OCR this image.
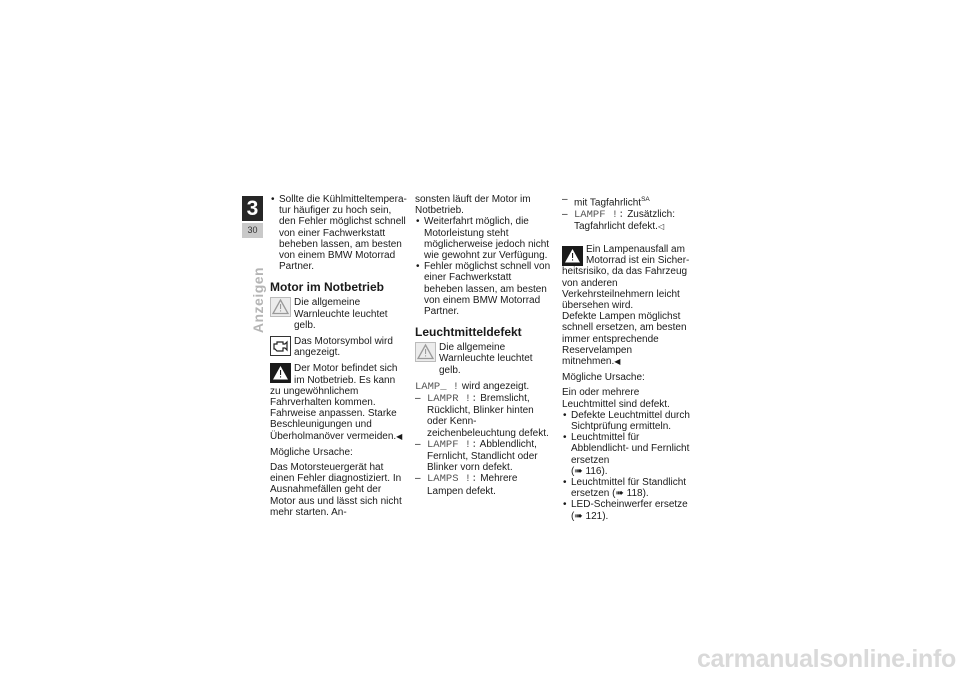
3
30
Anzeigen

• Sollte die Kühlmitteltemperatur häufiger zu hoch sein, den Fehler möglichst schnell von einer Fachwerkstatt beheben lassen, am besten von einem BMW Motorrad Partner.

Motor im Notbetrieb
Die allgemeine Warnleuchte leuchtet gelb.
Das Motorsymbol wird angezeigt.
Der Motor befindet sich im Notbetrieb. Es kann zu ungewöhnlichem Fahrverhalten kommen.
Fahrweise anpassen. Starke Beschleunigungen und Überholmanöver vermeiden.◀

Mögliche Ursache:

Das Motorsteuergerät hat einen Fehler diagnostiziert. In Ausnahmefällen geht der Motor aus und lässt sich nicht mehr starten. An-

sonsten läuft der Motor im Notbetrieb.

• Weiterfahrt möglich, die Motorleistung steht möglicherweise jedoch nicht wie gewohnt zur Verfügung.

• Fehler möglichst schnell von einer Fachwerkstatt beheben lassen, am besten von einem BMW Motorrad Partner.

Leuchtmitteldefekt
Die allgemeine Warnleuchte leuchtet gelb.

LAMP_ ! wird angezeigt.

– LAMPR !: Bremslicht, Rücklicht, Blinker hinten oder Kennzeichenbeleuchtung defekt.

– LAMPF !: Abblendlicht, Fernlicht, Standlicht oder Blinker vorn defekt.

– LAMPS !: Mehrere Lampen defekt.

– mit Tagfahrlicht$^{SA}$

– LAMPF !: Zusätzlich: Tagfahrlicht defekt.◁

Ein Lampenausfall am Motorrad ist ein Sicherheitsrisiko, da das Fahrzeug von anderen Verkehrsteilnehmern leicht übersehen wird.
Defekte Lampen möglichst schnell ersetzen, am besten immer entsprechende Reservelampen mitnehmen.◀

Mögliche Ursache:

Ein oder mehrere Leuchtmittel sind defekt.

• Defekte Leuchtmittel durch Sichtprüfung ermitteln.

• Leuchtmittel für Abblendlicht- und Fernlicht ersetzen
(➠ 116).

• Leuchtmittel für Standlicht ersetzen (➠ 118).

• LED-Scheinwerfer ersetze
(➠ 121).

carmanualsonline.info
